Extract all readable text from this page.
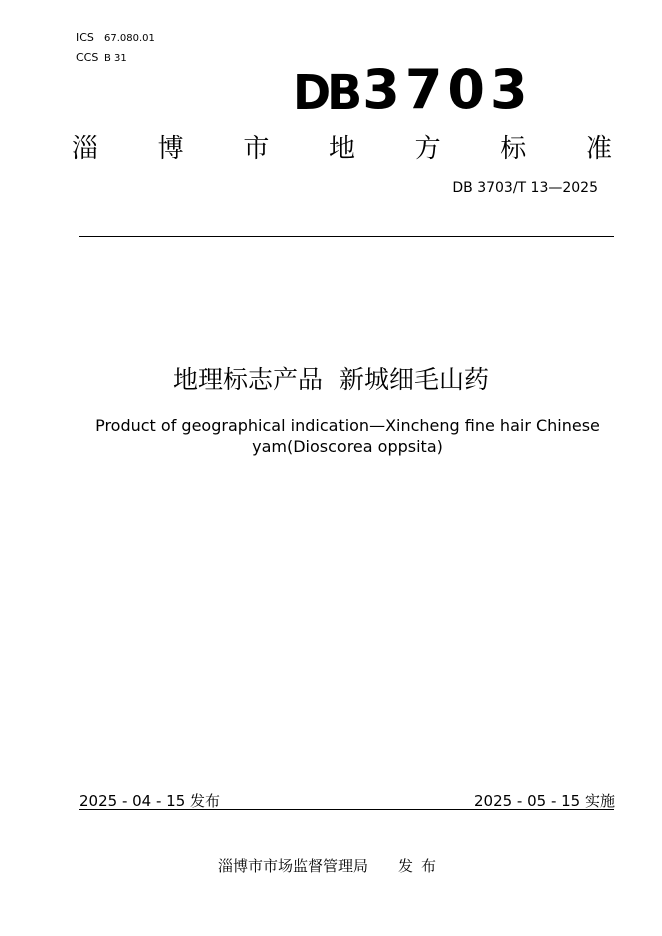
ICS 67.080.01
CCS B 31
DB 3703
淄 博 市 地 方 标 准
DB 3703/T 13—2025
地理标志产品  新城细毛山药
Product of geographical indication—Xincheng fine hair Chinese yam(Dioscorea oppsita)
2025 - 04 - 15 发布	2025 - 05 - 15 实施
淄博市市场监督管理局 发布
